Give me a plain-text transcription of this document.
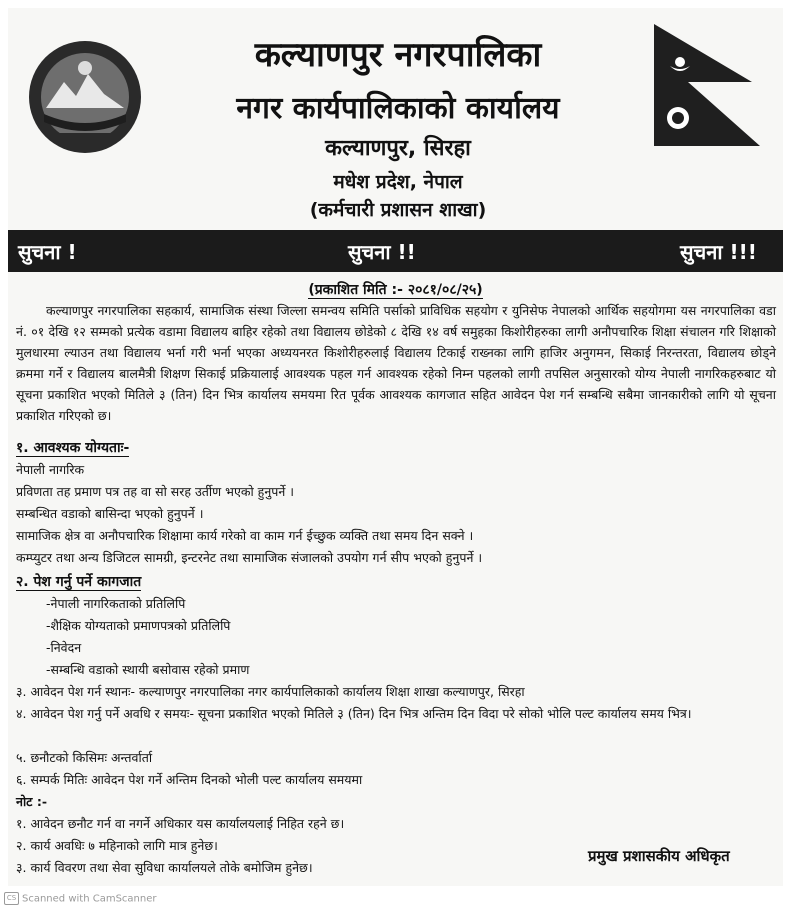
कल्याणपुर नगरपालिका
नगर कार्यपालिकाको कार्यालय
कल्याणपुर, सिरहा
मधेश प्रदेश, नेपाल
(कर्मचारी प्रशासन शाखा)
सुचना !	सुचना !!	सुचना !!!
(प्रकाशित मिति :- २०८१/०८/२५)
कल्याणपुर नगरपालिका सहकार्य, सामाजिक संस्था जिल्ला समन्वय समिति पर्साको प्राविधिक सहयोग र युनिसेफ नेपालको आर्थिक सहयोगमा यस नगरपालिका वडा नं. ०१ देखि १२ सम्मको प्रत्येक वडामा विद्यालय बाहिर रहेको तथा विद्यालय छोडेको ८ देखि १४ वर्ष समुहका किशोरीहरुका लागी अनौपचारिक शिक्षा संचालन गरि शिक्षाको मुलधारमा ल्याउन तथा विद्यालय भर्ना गरी भर्ना भएका अध्ययनरत किशोरीहरुलाई विद्यालय टिकाई राख्नका लागि हाजिर अनुगमन, सिकाई निरन्तरता, विद्यालय छोड्ने क्रममा गर्ने र विद्यालय बालमैत्री शिक्षण सिकाई प्रक्रियालाई आवश्यक पहल गर्न आवश्यक रहेको निम्न पहलको लागी तपसिल अनुसारको योग्य नेपाली नागरिकहरुबाट यो सूचना प्रकाशित भएको मितिले ३ (तिन) दिन भित्र कार्यालय समयमा रित पूर्वक आवश्यक कागजात सहित आवेदन पेश गर्न सम्बन्धि सबैमा जानकारीको लागि यो सूचना प्रकाशित गरिएको छ।
१. आवश्यक योग्यताः-
नेपाली नागरिक
प्रविणता तह प्रमाण पत्र तह वा सो सरह उर्तीण भएको हुनुपर्ने ।
सम्बन्धित वडाको बासिन्दा भएको हुनुपर्ने ।
सामाजिक क्षेत्र वा अनौपचारिक शिक्षामा कार्य गरेको वा काम गर्न ईच्छुक व्यक्ति तथा समय दिन सक्ने ।
कम्प्युटर तथा अन्य डिजिटल सामग्री, इन्टरनेट तथा सामाजिक संजालको उपयोग गर्न सीप भएको हुनुपर्ने ।
२. पेश गर्नु पर्ने कागजात
-नेपाली नागरिकताको प्रतिलिपि
-शैक्षिक योग्यताको प्रमाणपत्रको प्रतिलिपि
-निवेदन
-सम्बन्धि वडाको स्थायी बसोवास रहेको प्रमाण
३. आवेदन पेश गर्न स्थानः- कल्याणपुर नगरपालिका नगर कार्यपालिकाको कार्यालय शिक्षा शाखा कल्याणपुर, सिरहा
४. आवेदन पेश गर्नु पर्ने अवधि र समयः- सूचना प्रकाशित भएको मितिले ३ (तिन) दिन भित्र अन्तिम दिन विदा परे सोको भोलि पल्ट कार्यालय समय भित्र।
५. छनौटको किसिमः अन्तर्वार्ता
६. सम्पर्क मितिः आवेदन पेश गर्ने अन्तिम दिनको भोली पल्ट कार्यालय समयमा
नोट :-
१. आवेदन छनौट गर्न वा नगर्ने अधिकार यस कार्यालयलाई निहित रहने छ।
२. कार्य अवधिः ७ महिनाको लागि मात्र हुनेछ।
३. कार्य विवरण तथा सेवा सुविधा कार्यालयले तोके बमोजिम हुनेछ।
प्रमुख प्रशासकीय अधिकृत
CS Scanned with CamScanner
